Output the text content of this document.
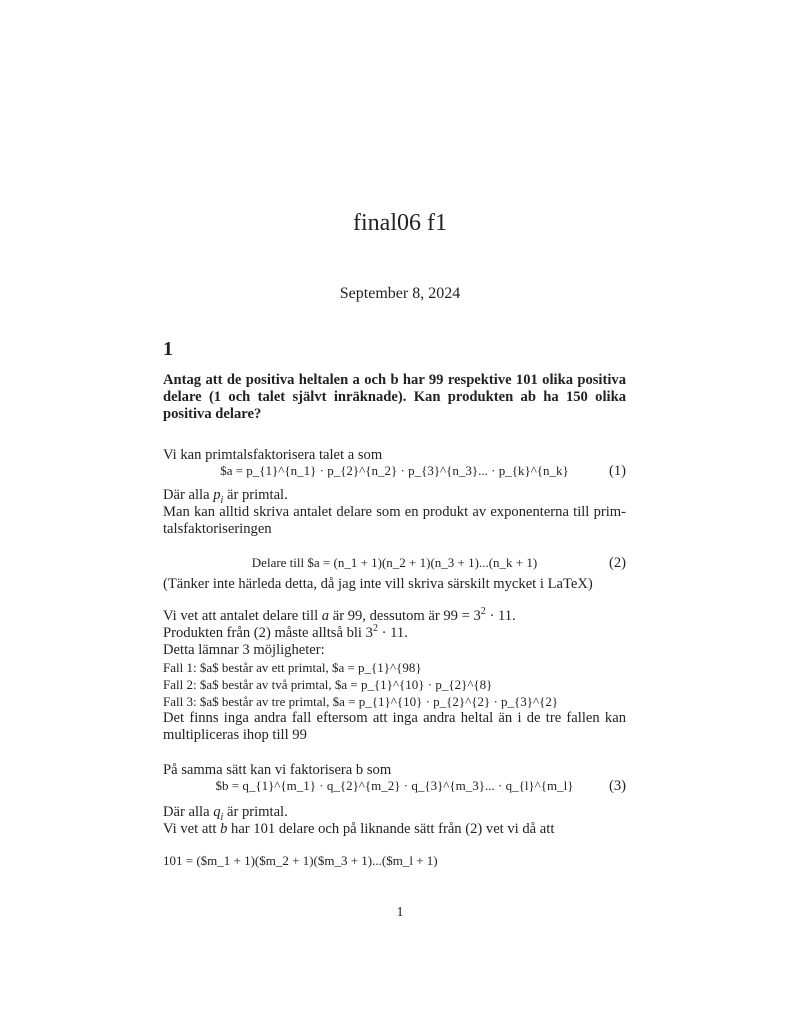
final06 f1
September 8, 2024
1
Antag att de positiva heltalen a och b har 99 respektive 101 olika positiva delare (1 och talet självt inräknade). Kan produkten ab ha 150 olika positiva delare?
Vi kan primtalsfaktorisera talet a som
$a = p_{1}^{n_1} · p_{2}^{n_2} · p_{3}^{n_3}... · p_{k}^{n_k}	(1)
Där alla $p_i$ är primtal.
Man kan alltid skriva antalet delare som en produkt av exponenterna till prim-talsfaktoriseringen
Delare till $a = (n_1 + 1)(n_2 + 1)(n_3 + 1)...(n_k + 1)	(2)
(Tänker inte härleda detta, då jag inte vill skriva särskilt mycket i LaTeX)
Vi vet att antalet delare till a är 99, dessutom är $99 = 3^2 \cdot 11$.
Produkten från (2) måste alltså bli $3^2 \cdot 11$.
Detta lämnar 3 möjligheter:
Fall 1: $a$ består av ett primtal, $a = p_{1}^{98}
Fall 2: $a$ består av två primtal, $a = p_{1}^{10} · p_{2}^{8}
Fall 3: $a$ består av tre primtal, $a = p_{1}^{10} · p_{2}^{2} · p_{3}^{2}
Det finns inga andra fall eftersom att inga andra heltal än i de tre fallen kan multipliceras ihop till 99
På samma sätt kan vi faktorisera b som
$b = q_{1}^{m_1} · q_{2}^{m_2} · q_{3}^{m_3}... · q_{l}^{m_l}	(3)
Där alla $q_i$ är primtal.
Vi vet att b har 101 delare och på liknande sätt från (2) vet vi då att
101 = ($m_1 + 1)($m_2 + 1)($m_3 + 1)...($m_l + 1)
1
